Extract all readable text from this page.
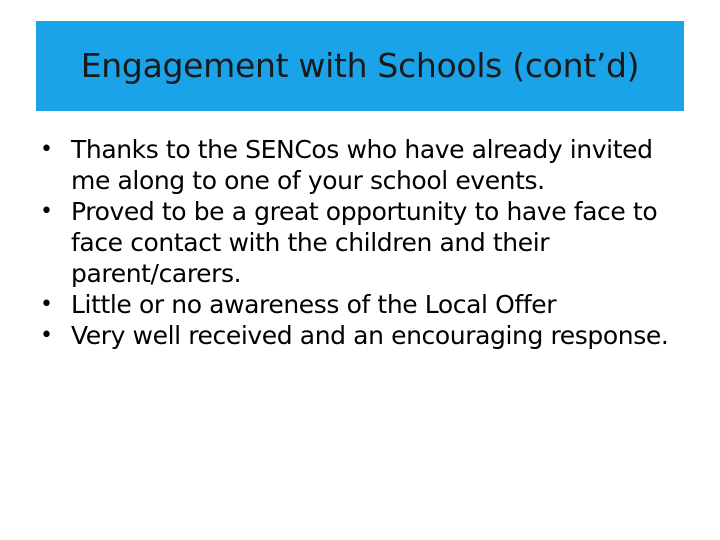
Engagement with Schools (cont’d)
• Thanks to the SENCos who have already invited me along to one of your school events.
• Proved to be a great opportunity to have face to face contact with the children and their parent/carers.
• Little or no awareness of the Local Offer
• Very well received and an encouraging response.
